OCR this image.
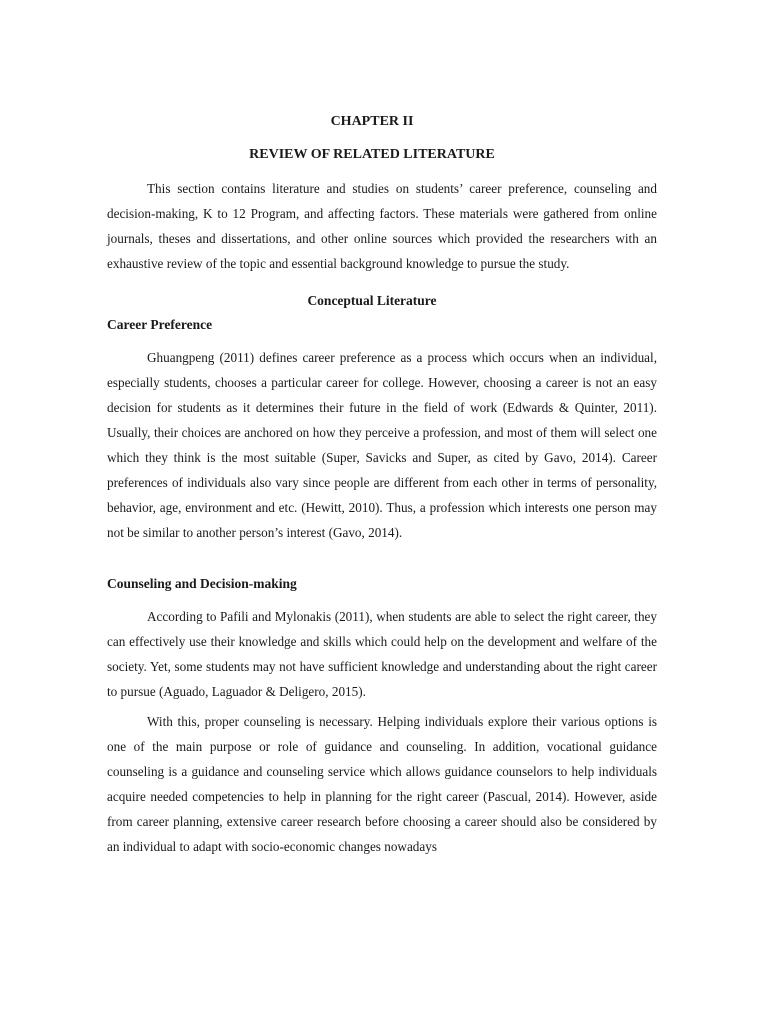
CHAPTER II
REVIEW OF RELATED LITERATURE

This section contains literature and studies on students’ career preference, counseling and decision-making, K to 12 Program, and affecting factors. These materials were gathered from online journals, theses and dissertations, and other online sources which provided the researchers with an exhaustive review of the topic and essential background knowledge to pursue the study.

Conceptual Literature
Career Preference

Ghuangpeng (2011) defines career preference as a process which occurs when an individual, especially students, chooses a particular career for college. However, choosing a career is not an easy decision for students as it determines their future in the field of work (Edwards & Quinter, 2011). Usually, their choices are anchored on how they perceive a profession, and most of them will select one which they think is the most suitable (Super, Savicks and Super, as cited by Gavo, 2014). Career preferences of individuals also vary since people are different from each other in terms of personality, behavior, age, environment and etc. (Hewitt, 2010). Thus, a profession which interests one person may not be similar to another person’s interest (Gavo, 2014).

Counseling and Decision-making

According to Pafili and Mylonakis (2011), when students are able to select the right career, they can effectively use their knowledge and skills which could help on the development and welfare of the society. Yet, some students may not have sufficient knowledge and understanding about the right career to pursue (Aguado, Laguador & Deligero, 2015).

With this, proper counseling is necessary. Helping individuals explore their various options is one of the main purpose or role of guidance and counseling. In addition, vocational guidance counseling is a guidance and counseling service which allows guidance counselors to help individuals acquire needed competencies to help in planning for the right career (Pascual, 2014). However, aside from career planning, extensive career research before choosing a career should also be considered by an individual to adapt with socio-economic changes nowadays
